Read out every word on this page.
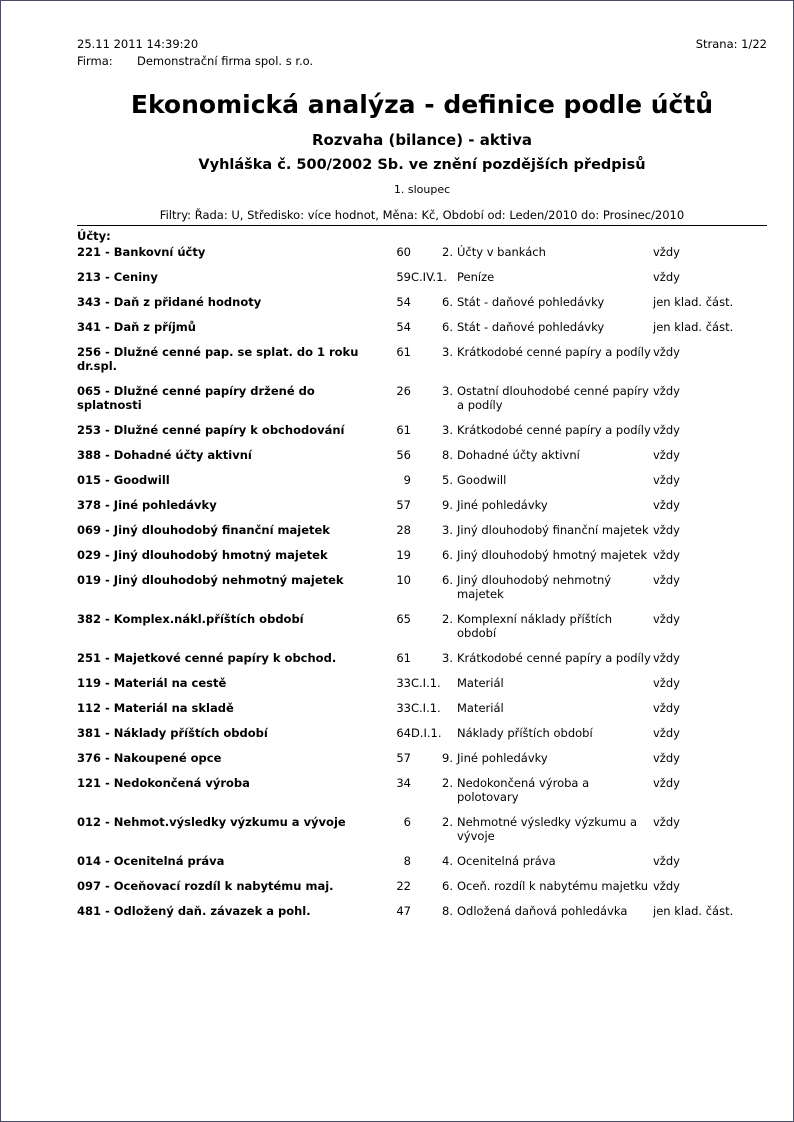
25.11 2011 14:39:20	Strana: 1/22
Firma:	Demonstrační firma spol. s r.o.
Ekonomická analýza - definice podle účtů
Rozvaha (bilance) - aktiva
Vyhláška č. 500/2002 Sb. ve znění pozdějších předpisů
1. sloupec
Filtry: Řada: U, Středisko: více hodnot, Měna: Kč, Období od: Leden/2010 do: Prosinec/2010
Účty:
221 - Bankovní účty	60	2.	Účty v bankách	vždy
213 - Ceniny	59	C.IV.1.	Peníze	vždy
343 - Daň z přidané hodnoty	54	6.	Stát - daňové pohledávky	jen klad. část.
341 - Daň z příjmů	54	6.	Stát - daňové pohledávky	jen klad. část.
256 - Dlužné cenné pap. se splat. do 1 roku dr.spl.	61	3.	Krátkodobé cenné papíry a podíly	vždy
065 - Dlužné cenné papíry držené do splatnosti	26	3.	Ostatní dlouhodobé cenné papíry a podíly	vždy
253 - Dlužné cenné papíry k obchodování	61	3.	Krátkodobé cenné papíry a podíly	vždy
388 - Dohadné účty aktivní	56	8.	Dohadné účty aktivní	vždy
015 - Goodwill	9	5.	Goodwill	vždy
378 - Jiné pohledávky	57	9.	Jiné pohledávky	vždy
069 - Jiný dlouhodobý finanční majetek	28	3.	Jiný dlouhodobý finanční majetek	vždy
029 - Jiný dlouhodobý hmotný majetek	19	6.	Jiný dlouhodobý hmotný majetek	vždy
019 - Jiný dlouhodobý nehmotný majetek	10	6.	Jiný dlouhodobý nehmotný majetek	vždy
382 - Komplex.nákl.příštích období	65	2.	Komplexní náklady příštích období	vždy
251 - Majetkové cenné papíry k obchod.	61	3.	Krátkodobé cenné papíry a podíly	vždy
119 - Materiál na cestě	33	C.I.1.	Materiál	vždy
112 - Materiál na skladě	33	C.I.1.	Materiál	vždy
381 - Náklady příštích období	64	D.I.1.	Náklady příštích období	vždy
376 - Nakoupené opce	57	9.	Jiné pohledávky	vždy
121 - Nedokončená výroba	34	2.	Nedokončená výroba a polotovary	vždy
012 - Nehmot.výsledky výzkumu a vývoje	6	2.	Nehmotné výsledky výzkumu a vývoje	vždy
014 - Ocenitelná práva	8	4.	Ocenitelná práva	vždy
097 - Oceňovací rozdíl k nabytému maj.	22	6.	Oceň. rozdíl k nabytému majetku	vždy
481 - Odložený daň. závazek a pohl.	47	8.	Odložená daňová pohledávka	jen klad. část.
